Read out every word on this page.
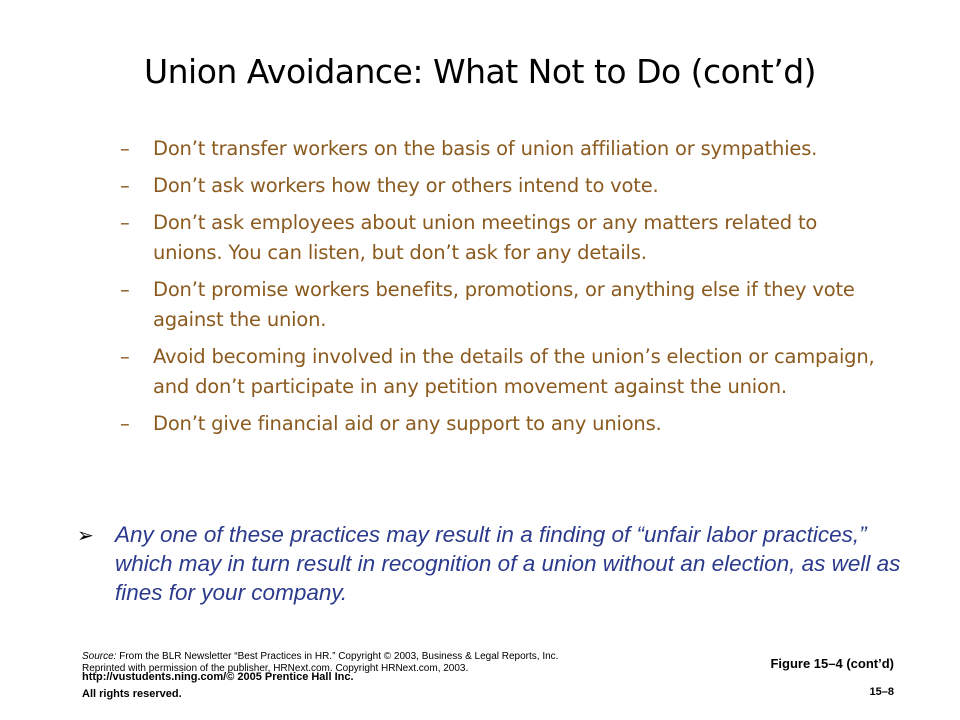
Union Avoidance: What Not to Do (cont’d)
– Don’t transfer workers on the basis of union affiliation or sympathies.
– Don’t ask workers how they or others intend to vote.
– Don’t ask employees about union meetings or any matters related to unions. You can listen, but don’t ask for any details.
– Don’t promise workers benefits, promotions, or anything else if they vote against the union.
– Avoid becoming involved in the details of the union’s election or campaign, and don’t participate in any petition movement against the union.
– Don’t give financial aid or any support to any unions.
➢ Any one of these practices may result in a finding of “unfair labor practices,” which may in turn result in recognition of a union without an election, as well as fines for your company.
Source: From the BLR Newsletter “Best Practices in HR.” Copyright © 2003, Business & Legal Reports, Inc.
Reprinted with permission of the publisher, HRNext.com. Copyright HRNext.com, 2003.	Figure 15–4 (cont’d)
http://vustudents.ning.com/© 2005 Prentice Hall Inc.
All rights reserved.	15–8
